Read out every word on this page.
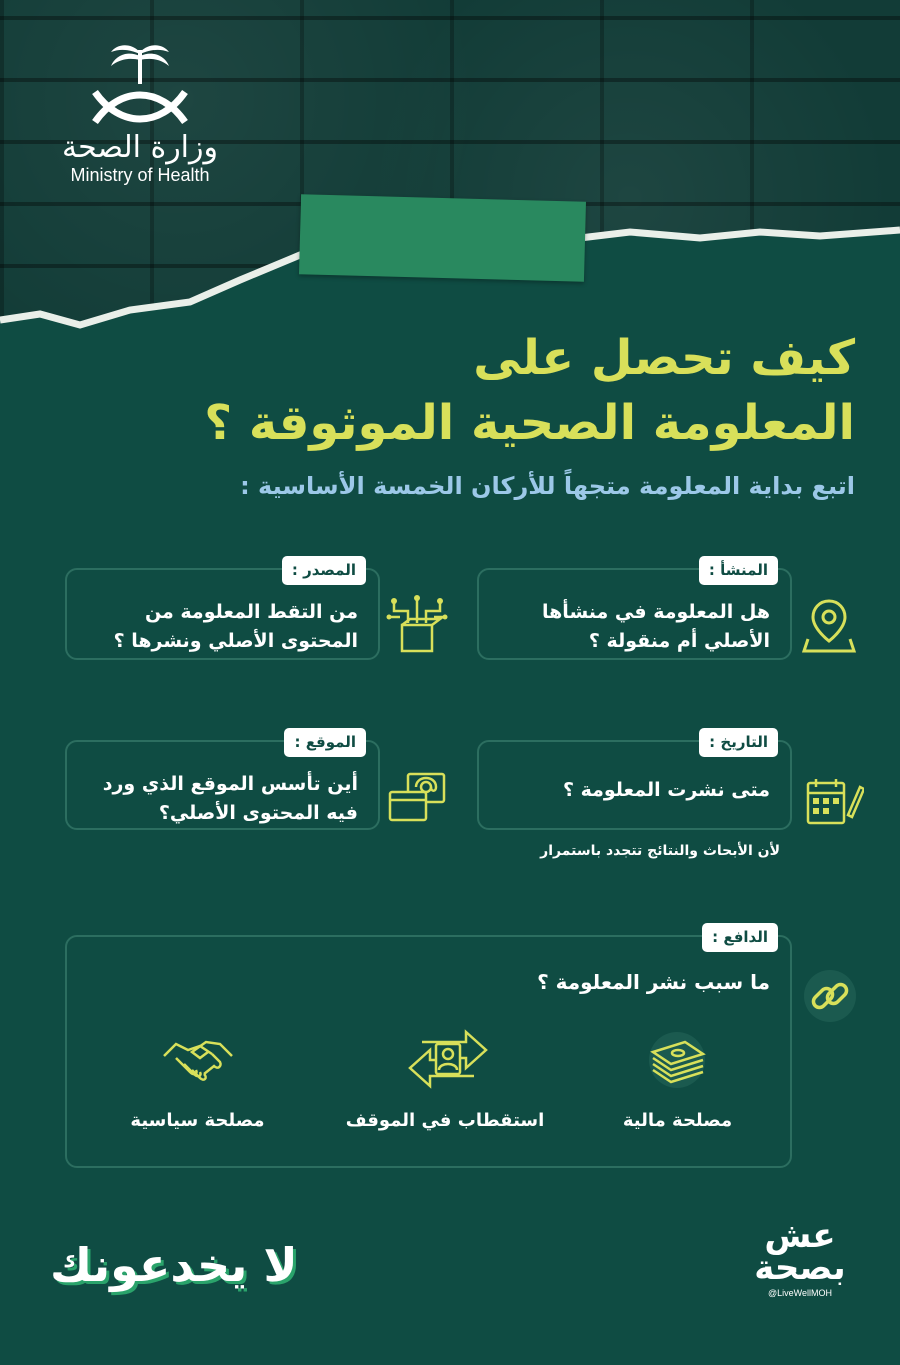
وزارة الصحة
Ministry of Health
كيف تحصل على
المعلومة الصحية الموثوقة ؟
اتبع بداية المعلومة متجهاً للأركان الخمسة الأساسية :
المنشأ :
هل المعلومة في منشأها
الأصلي أم منقولة ؟
المصدر :
من التقط المعلومة من
المحتوى الأصلي ونشرها ؟
التاريخ :
متى نشرت المعلومة ؟
لأن الأبحاث والنتائج تتجدد باستمرار
الموقع :
أين تأسس الموقع الذي ورد
فيه المحتوى الأصلي؟
الدافع :
ما سبب نشر المعلومة ؟
مصلحة مالية
استقطاب في الموقف
مصلحة سياسية
لا يخدعونك
عش بصحة
@LiveWellMOH
